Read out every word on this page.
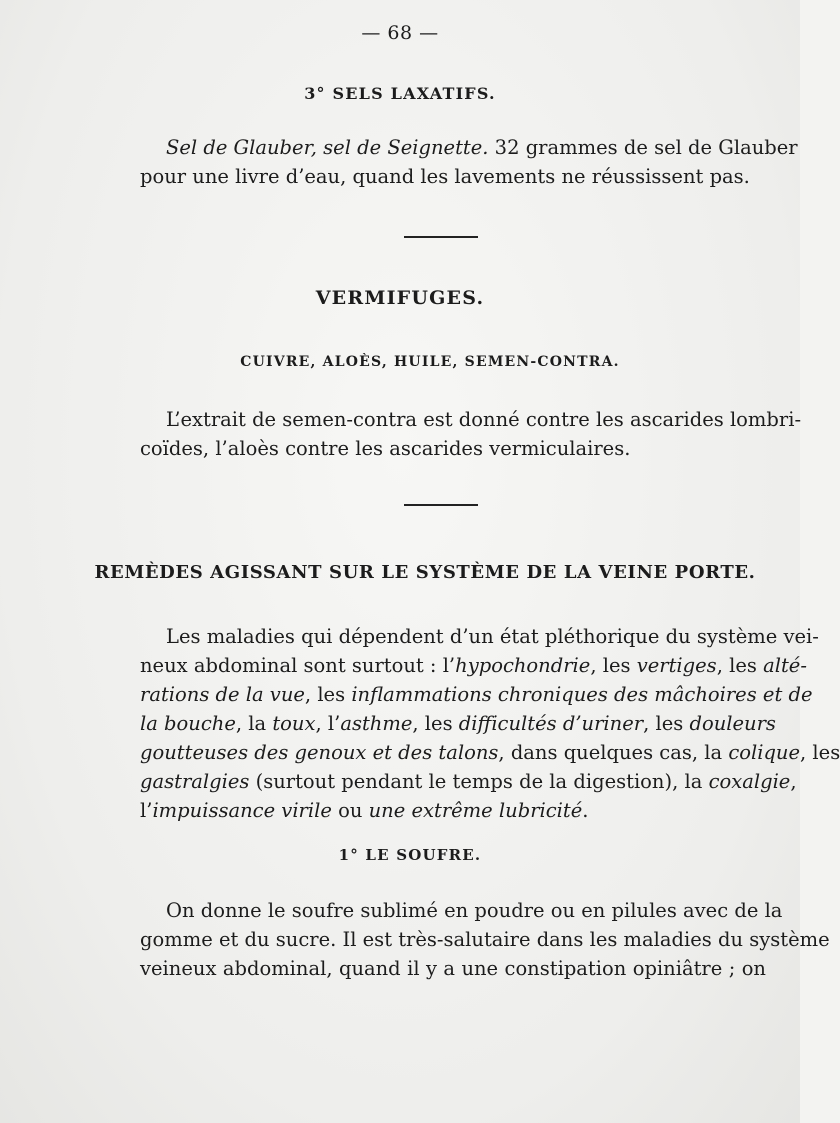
— 68 —
3° SELS LAXATIFS.
Sel de Glauber, sel de Seignette. 32 grammes de sel de Glauber
pour une livre d’eau, quand les lavements ne réussissent pas.
VERMIFUGES.
CUIVRE, ALOÈS, HUILE, SEMEN-CONTRA.
L’extrait de semen-contra est donné contre les ascarides lombri-
coïdes, l’aloès contre les ascarides vermiculaires.
REMÈDES AGISSANT SUR LE SYSTÈME DE LA VEINE PORTE.
Les maladies qui dépendent d’un état pléthorique du système vei-
neux abdominal sont surtout : l’hypochondrie, les vertiges, les alté-
rations de la vue, les inflammations chroniques des mâchoires et de
la bouche, la toux, l’asthme, les difficultés d’uriner, les douleurs
goutteuses des genoux et des talons, dans quelques cas, la colique, les
gastralgies (surtout pendant le temps de la digestion), la coxalgie,
l’impuissance virile ou une extrême lubricité.
1° LE SOUFRE.
On donne le soufre sublimé en poudre ou en pilules avec de la
gomme et du sucre. Il est très-salutaire dans les maladies du système
veineux abdominal, quand il y a une constipation opiniâtre ; on
